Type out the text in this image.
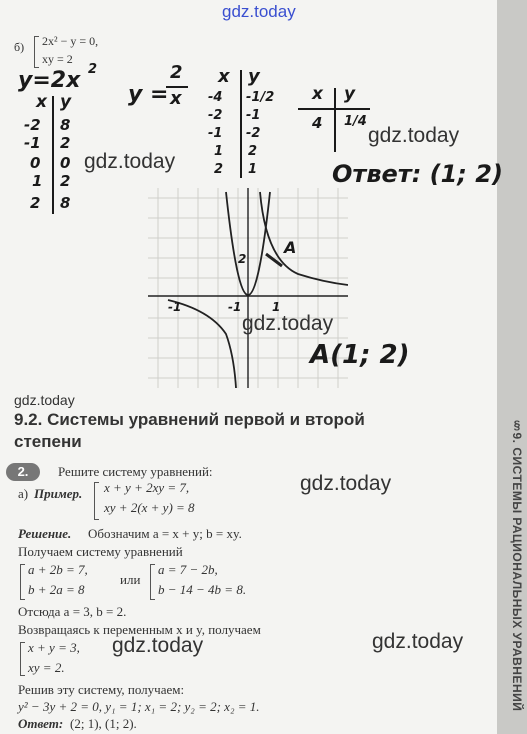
§9. СИСТЕМЫ РАЦИОНАЛЬНЫХ УРАВНЕНИЙ
gdz.today
б) 2x² − y = 0,
xy = 2
y=2x 2
y =
2
x
x y
-2 8
-1 2
0 0
1 2
2 8
x y
-4 -1/2
-2 -1
-1 -2
1 2
2 1
x y
4 1/4
gdz.today
gdz.today	Ответ: (1; 2)
A
2
-1	1
-1
gdz.today
A(1; 2)
gdz.today
9.2. Системы уравнений первой и второй
степени
2.	Решите систему уравнений:
gdz.today
а) Пример. x + y + 2xy = 7,
xy + 2(x + y) = 8
Решение. Обозначим a = x + y; b = xy.
Получаем систему уравнений
a + 2b = 7,
b + 2a = 8
или
a = 7 − 2b,
b − 14 − 4b = 8.
Отсюда a = 3, b = 2.
Возвращаясь к переменным x и y, получаем
x + y = 3,
xy = 2.
gdz.today	gdz.today
Решив эту систему, получаем:
y² − 3y + 2 = 0, y₁ = 1; x₁ = 2; y₂ = 2; x₂ = 1.
Ответ: (2; 1), (1; 2).
